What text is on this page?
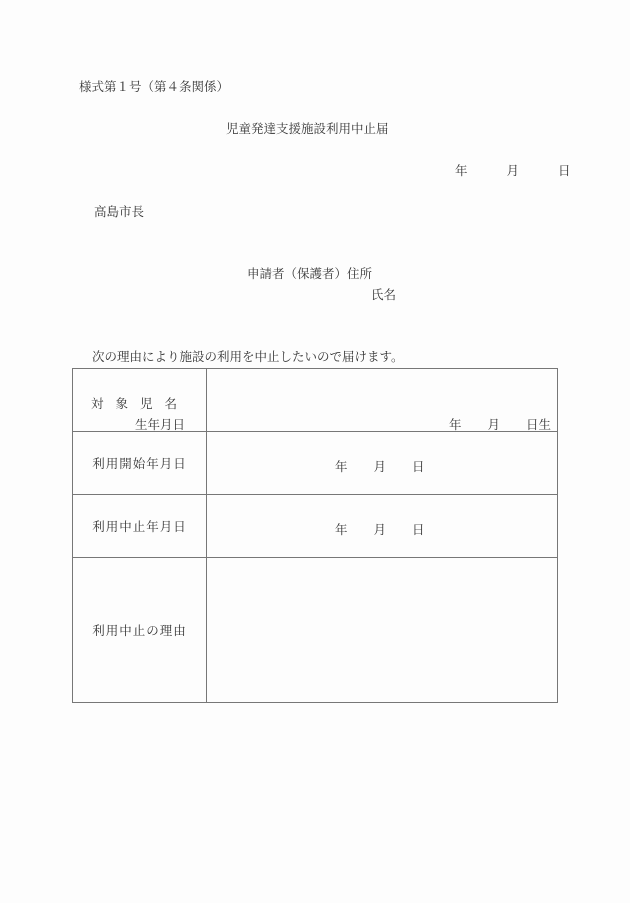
様式第１号（第４条関係）
児童発達支援施設利用中止届
年	月	日
高島市長
申請者（保護者）住所
氏名
次の理由により施設の利用を中止したいので届けます。
対 象 児 名
生年月日	年 月 日生

利用開始年月日	年 月 日

利用中止年月日	年 月 日

利用中止の理由	
